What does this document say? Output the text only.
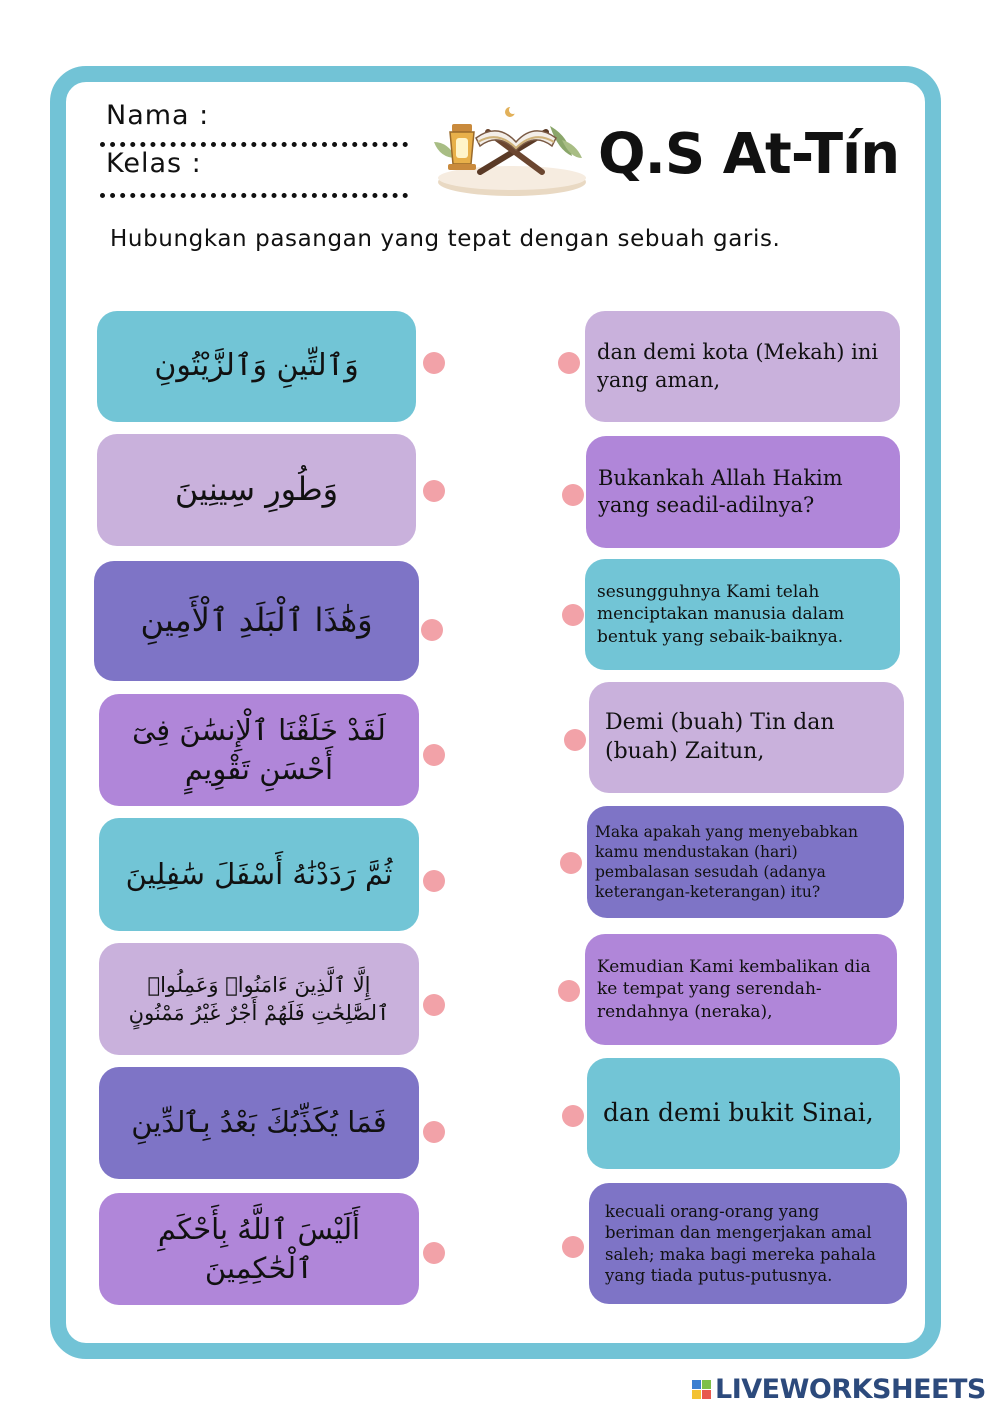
Nama :
Kelas :	Q.S At-Tín
Hubungkan pasangan yang tepat dengan sebuah garis.
وَٱلتِّينِ وَٱلزَّيْتُونِ
وَطُورِ سِينِينَ
وَهَٰذَا ٱلْبَلَدِ ٱلْأَمِينِ
لَقَدْ خَلَقْنَا ٱلْإِنسَٰنَ فِىٓ أَحْسَنِ تَقْوِيمٍ
ثُمَّ رَدَدْنَٰهُ أَسْفَلَ سَٰفِلِينَ
إِلَّا ٱلَّذِينَ ءَامَنُوا۟ وَعَمِلُوا۟ ٱلصَّٰلِحَٰتِ فَلَهُمْ أَجْرٌ غَيْرُ مَمْنُونٍ
فَمَا يُكَذِّبُكَ بَعْدُ بِٱلدِّينِ
أَلَيْسَ ٱللَّهُ بِأَحْكَمِ ٱلْحَٰكِمِينَ
dan demi kota (Mekah) ini yang aman,
Bukankah Allah Hakim yang seadil-adilnya?
sesungguhnya Kami telah menciptakan manusia dalam bentuk yang sebaik-baiknya.
Demi (buah) Tin dan (buah) Zaitun,
Maka apakah yang menyebabkan kamu mendustakan (hari) pembalasan sesudah (adanya keterangan-keterangan) itu?
Kemudian Kami kembalikan dia ke tempat yang serendah-rendahnya (neraka),
dan demi bukit Sinai,
kecuali orang-orang yang beriman dan mengerjakan amal saleh; maka bagi mereka pahala yang tiada putus-putusnya.
LIVEWORKSHEETS
